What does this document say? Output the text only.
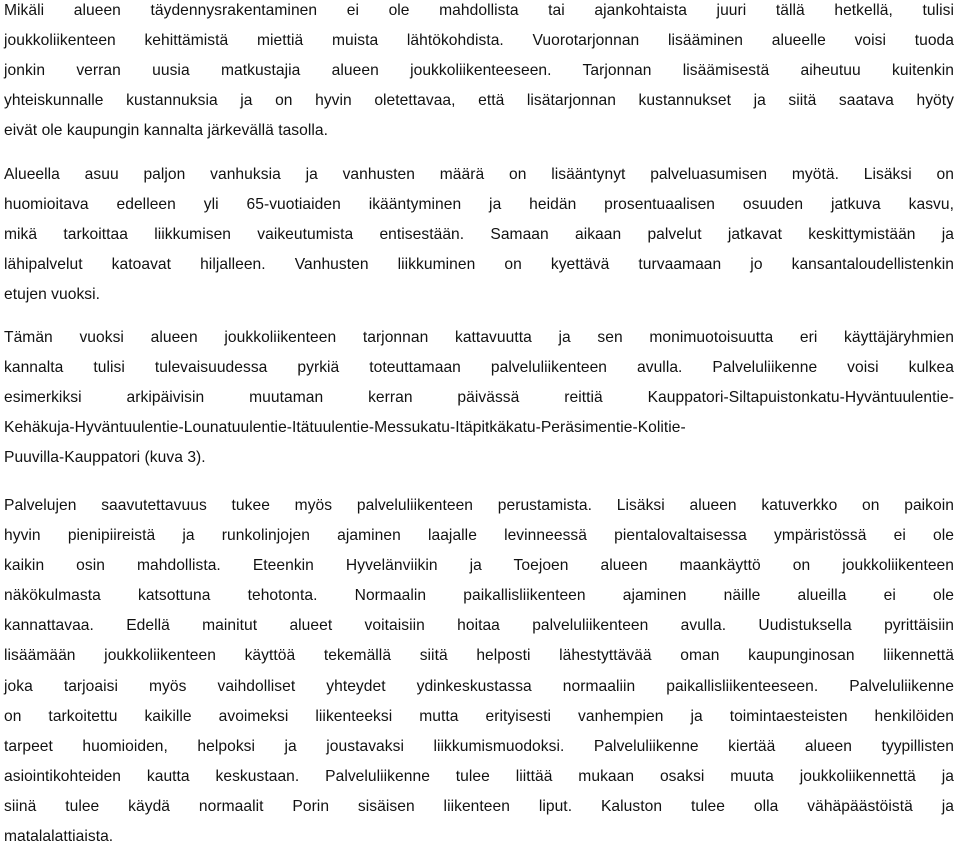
Mikäli alueen täydennysrakentaminen ei ole mahdollista tai ajankohtaista juuri tällä hetkellä, tulisi
joukkoliikenteen kehittämistä miettiä muista lähtökohdista. Vuorotarjonnan lisääminen alueelle voisi tuoda
jonkin verran uusia matkustajia alueen joukkoliikenteeseen. Tarjonnan lisäämisestä aiheutuu kuitenkin
yhteiskunnalle kustannuksia ja on hyvin oletettavaa, että lisätarjonnan kustannukset ja siitä saatava hyöty
eivät ole kaupungin kannalta järkevällä tasolla.

Alueella asuu paljon vanhuksia ja vanhusten määrä on lisääntynyt palveluasumisen myötä. Lisäksi on
huomioitava edelleen yli 65-vuotiaiden ikääntyminen ja heidän prosentuaalisen osuuden jatkuva kasvu,
mikä tarkoittaa liikkumisen vaikeutumista entisestään. Samaan aikaan palvelut jatkavat keskittymistään ja
lähipalvelut katoavat hiljalleen. Vanhusten liikkuminen on kyettävä turvaamaan jo kansantaloudellistenkin
etujen vuoksi.

Tämän vuoksi alueen joukkoliikenteen tarjonnan kattavuutta ja sen monimuotoisuutta eri käyttäjäryhmien
kannalta tulisi tulevaisuudessa pyrkiä toteuttamaan palveluliikenteen avulla. Palveluliikenne voisi kulkea
esimerkiksi arkipäivisin muutaman kerran päivässä reittiä Kauppatori-Siltapuistonkatu-Hyväntuulentie-
Kehäkuja-Hyväntuulentie-Lounatuulentie-Itätuulentie-Messukatu-Itäpitkäkatu-Peräsimentie-Kolitie-
Puuvilla-Kauppatori (kuva 3).

Palvelujen saavutettavuus tukee myös palveluliikenteen perustamista. Lisäksi alueen katuverkko on paikoin
hyvin pienipiireistä ja runkolinjojen ajaminen laajalle levinneessä pientalovaltaisessa ympäristössä ei ole
kaikin osin mahdollista. Eteenkin Hyvelänviikin ja Toejoen alueen maankäyttö on joukkoliikenteen
näkökulmasta katsottuna tehotonta. Normaalin paikallisliikenteen ajaminen näille alueilla ei ole
kannattavaa. Edellä mainitut alueet voitaisiin hoitaa palveluliikenteen avulla. Uudistuksella pyrittäisiin
lisäämään joukkoliikenteen käyttöä tekemällä siitä helposti lähestyttävää oman kaupunginosan liikennettä
joka tarjoaisi myös vaihdolliset yhteydet ydinkeskustassa normaaliin paikallisliikenteeseen. Palveluliikenne
on tarkoitettu kaikille avoimeksi liikenteeksi mutta erityisesti vanhempien ja toimintaesteisten henkilöiden
tarpeet huomioiden, helpoksi ja joustavaksi liikkumismuodoksi. Palveluliikenne kiertää alueen tyypillisten
asiointikohteiden kautta keskustaan. Palveluliikenne tulee liittää mukaan osaksi muuta joukkoliikennettä ja
siinä tulee käydä normaalit Porin sisäisen liikenteen liput. Kaluston tulee olla vähäpäästöistä ja
matalalattiaista.
